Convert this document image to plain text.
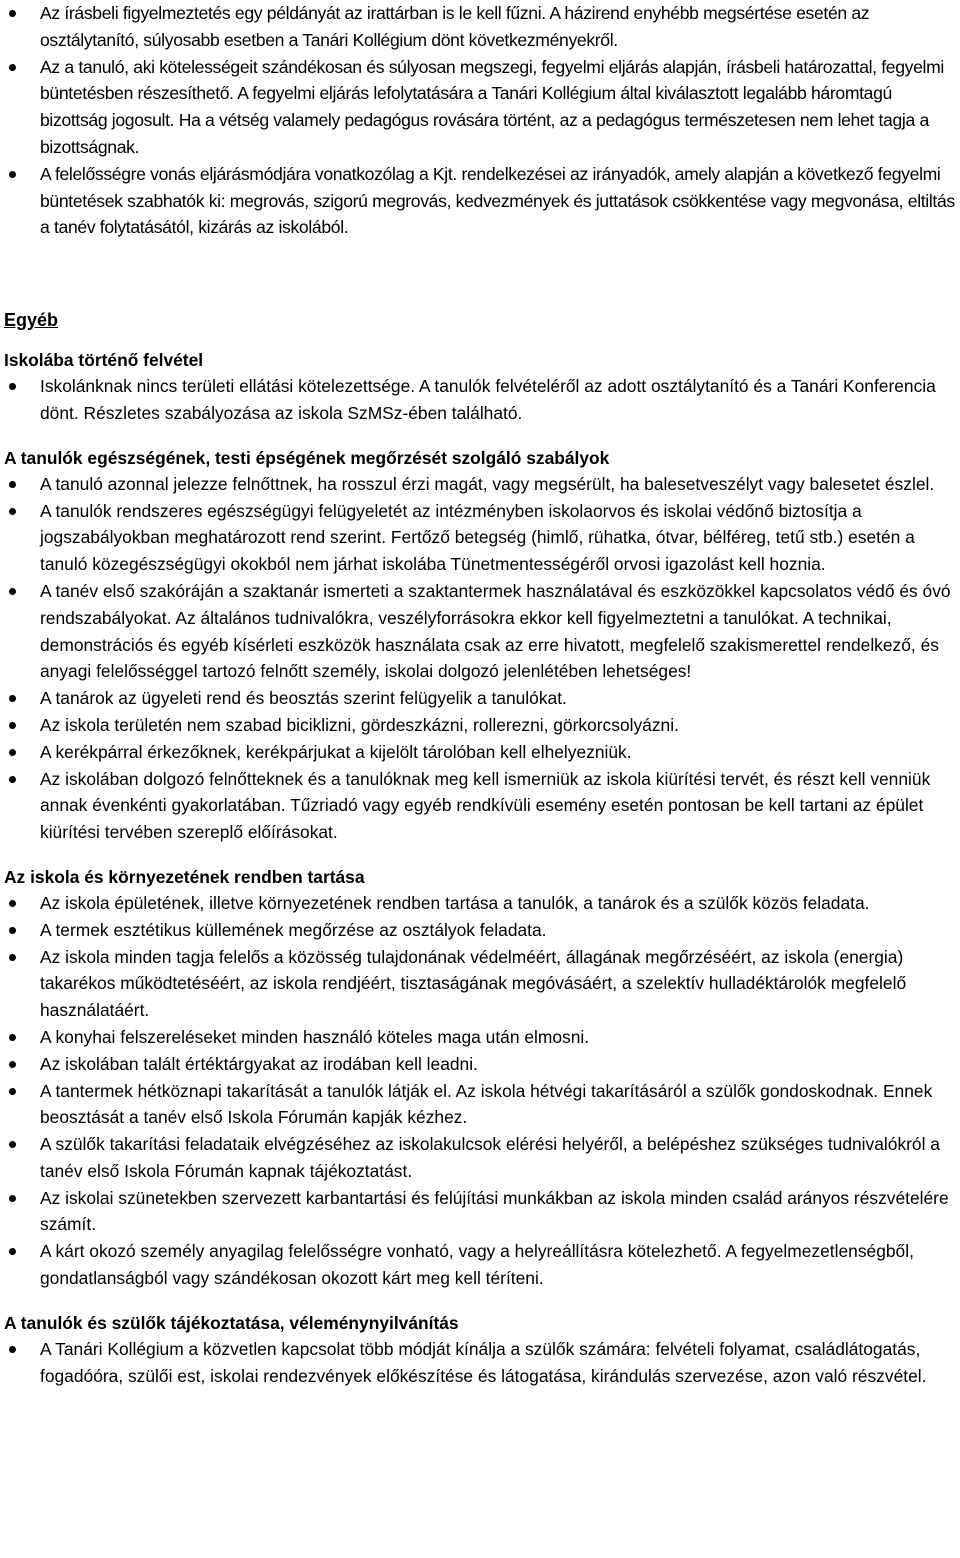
Az írásbeli figyelmeztetés egy példányát az irattárban is le kell fűzni. A házirend enyhébb megsértése esetén az osztálytanító, súlyosabb esetben a Tanári Kollégium dönt következményekről.
Az a tanuló, aki kötelességeit szándékosan és súlyosan megszegi, fegyelmi eljárás alapján, írásbeli határozattal, fegyelmi büntetésben részesíthető. A fegyelmi eljárás lefolytatására a Tanári Kollégium által kiválasztott legalább háromtagú bizottság jogosult. Ha a vétség valamely pedagógus rovására történt, az a pedagógus természetesen nem lehet tagja a bizottságnak.
A felelősségre vonás eljárásmódjára vonatkozólag a Kjt. rendelkezései az irányadók, amely alapján a következő fegyelmi büntetések szabhatók ki: megrovás, szigorú megrovás, kedvezmények és juttatások csökkentése vagy megvonása, eltiltás a tanév folytatásától, kizárás az iskolából.
Egyéb
Iskolába történő felvétel
Iskolánknak nincs területi ellátási kötelezettsége. A tanulók felvételéről az adott osztálytanító és a Tanári Konferencia dönt. Részletes szabályozása az iskola SzMSz-ében található.
A tanulók egészségének, testi épségének megőrzését szolgáló szabályok
A tanuló azonnal jelezze felnőttnek, ha rosszul érzi magát, vagy megsérült, ha balesetveszélyt vagy balesetet észlel.
A tanulók rendszeres egészségügyi felügyeletét az intézményben iskolaorvos és iskolai védőnő biztosítja a jogszabályokban meghatározott rend szerint. Fertőző betegség (himlő, rühatka, ótvar, bélféreg, tetű stb.) esetén a tanuló közegészségügyi okokból nem járhat iskolába Tünetmentességéről orvosi igazolást kell hoznia.
A tanév első szakóráján a szaktanár ismerteti a szaktantermek használatával és eszközökkel kapcsolatos védő és óvó rendszabályokat. Az általános tudnivalókra, veszélyforrásokra ekkor kell figyelmeztetni a tanulókat. A technikai, demonstrációs és egyéb kísérleti eszközök használata csak az erre hivatott, megfelelő szakismerettel rendelkező, és anyagi felelősséggel tartozó felnőtt személy, iskolai dolgozó jelenlétében lehetséges!
A tanárok az ügyeleti rend és beosztás szerint felügyelik a tanulókat.
Az iskola területén nem szabad biciklizni, gördeszkázni, rollerezni, görkorcsolyázni.
A kerékpárral érkezőknek, kerékpárjukat a kijelölt tárolóban kell elhelyezniük.
Az iskolában dolgozó felnőtteknek és a tanulóknak meg kell ismerniük az iskola kiürítési tervét, és részt kell venniük annak évenkénti gyakorlatában. Tűzriadó vagy egyéb rendkívüli esemény esetén pontosan be kell tartani az épület kiürítési tervében szereplő előírásokat.
Az iskola és környezetének rendben tartása
Az iskola épületének, illetve környezetének rendben tartása a tanulók, a tanárok és a szülők közös feladata.
A termek esztétikus küllemének megőrzése az osztályok feladata.
Az iskola minden tagja felelős a közösség tulajdonának védelméért, állagának megőrzéséért, az iskola (energia) takarékos működtetéséért, az iskola rendjéért, tisztaságának megóvásáért, a szelektív hulladéktárolók megfelelő használatáért.
A konyhai felszereléseket minden használó köteles maga után elmosni.
Az iskolában talált értéktárgyakat az irodában kell leadni.
A tantermek hétköznapi takarítását a tanulók látják el. Az iskola hétvégi takarításáról a szülők gondoskodnak. Ennek beosztását a tanév első Iskola Fórumán kapják kézhez.
A szülők takarítási feladataik elvégzéséhez az iskolakulcsok elérési helyéről, a belépéshez szükséges tudnivalókról a tanév első Iskola Fórumán kapnak tájékoztatást.
Az iskolai szünetekben szervezett karbantartási és felújítási munkákban az iskola minden család arányos részvételére számít.
A kárt okozó személy anyagilag felelősségre vonható, vagy a helyreállításra kötelezhető. A fegyelmezetlenségből, gondatlanságból vagy szándékosan okozott kárt meg kell téríteni.
A tanulók és szülők tájékoztatása, véleménynyilvánítás
A Tanári Kollégium a közvetlen kapcsolat több módját kínálja a szülők számára: felvételi folyamat, családlátogatás, fogadóóra, szülői est, iskolai rendezvények előkészítése és látogatása, kirándulás szervezése, azon való részvétel.
